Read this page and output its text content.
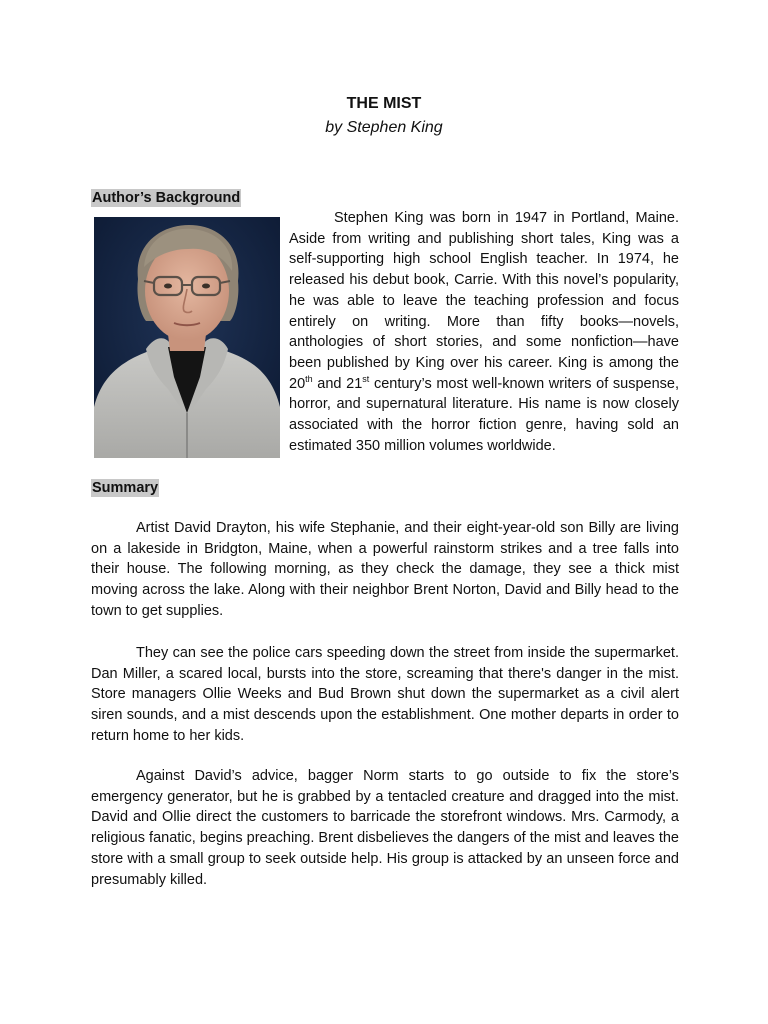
THE MIST
by Stephen King
Author’s Background

Stephen King was born in 1947 in Portland, Maine. Aside from writing and publishing short tales, King was a self-supporting high school English teacher. In 1974, he released his debut book, Carrie. With this novel’s popularity, he was able to leave the teaching profession and focus entirely on writing. More than fifty books—novels, anthologies of short stories, and some nonfiction—have been published by King over his career. King is among the 20th and 21st century’s most well-known writers of suspense, horror, and supernatural literature. His name is now closely associated with the horror fiction genre, having sold an estimated 350 million volumes worldwide.

Summary

Artist David Drayton, his wife Stephanie, and their eight-year-old son Billy are living on a lakeside in Bridgton, Maine, when a powerful rainstorm strikes and a tree falls into their house. The following morning, as they check the damage, they see a thick mist moving across the lake. Along with their neighbor Brent Norton, David and Billy head to the town to get supplies.

They can see the police cars speeding down the street from inside the supermarket. Dan Miller, a scared local, bursts into the store, screaming that there's danger in the mist. Store managers Ollie Weeks and Bud Brown shut down the supermarket as a civil alert siren sounds, and a mist descends upon the establishment. One mother departs in order to return home to her kids.

Against David’s advice, bagger Norm starts to go outside to fix the store’s emergency generator, but he is grabbed by a tentacled creature and dragged into the mist. David and Ollie direct the customers to barricade the storefront windows. Mrs. Carmody, a religious fanatic, begins preaching. Brent disbelieves the dangers of the mist and leaves the store with a small group to seek outside help. His group is attacked by an unseen force and presumably killed.
